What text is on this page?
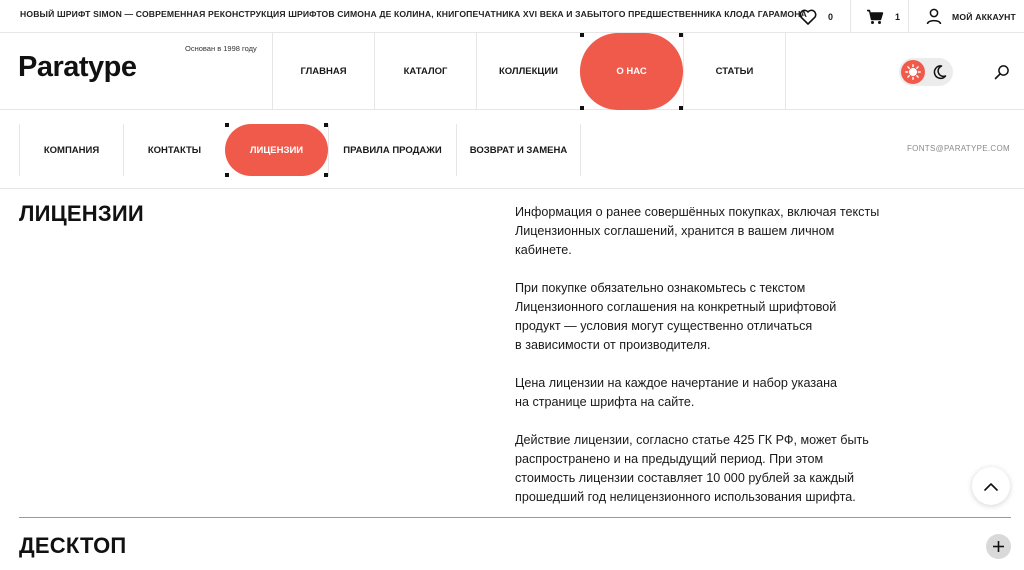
НОВЫЙ ШРИФТ SIMON — СОВРЕМЕННАЯ РЕКОНСТРУКЦИЯ ШРИФТОВ СИМОНА ДЕ КОЛИНА, КНИГОПЕЧАТНИКА XVI ВЕКА И ЗАБЫТОГО ПРЕДШЕСТВЕННИКА КЛОДА ГАРАМОНА 0	1	МОЙ АККАУНТ
Paratype
Основан в 1998 году
ГЛАВНАЯ	КАТАЛОГ	КОЛЛЕКЦИИ	О НАС	СТАТЬИ
КОМПАНИЯ	КОНТАКТЫ	ЛИЦЕНЗИИ	ПРАВИЛА ПРОДАЖИ	ВОЗВРАТ И ЗАМЕНА	FONTS@PARATYPE.COM
ЛИЦЕНЗИИ	Информация о ранее совершённых покупках, включая тексты
Лицензионных соглашений, хранится в вашем личном
кабинете.

При покупке обязательно ознакомьтесь с текстом
Лицензионного соглашения на конкретный шрифтовой
продукт — условия могут существенно отличаться
в зависимости от производителя.

Цена лицензии на каждое начертание и набор указана
на странице шрифта на сайте.

Действие лицензии, согласно статье 425 ГК РФ, может быть
распространено и на предыдущий период. При этом
стоимость лицензии составляет 10 000 рублей за каждый
прошедший год нелицензионного использования шрифта.

ДЕСКТОП
